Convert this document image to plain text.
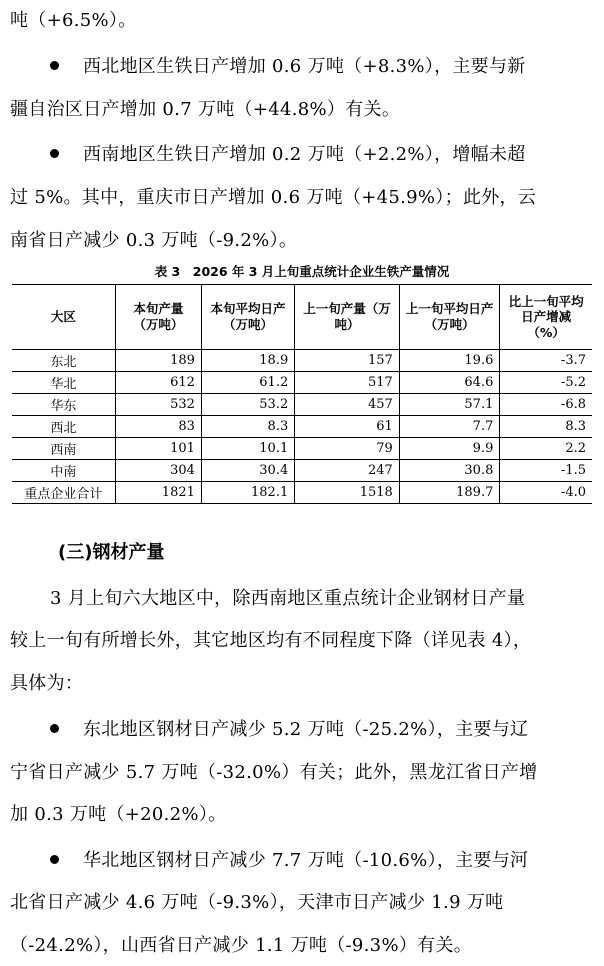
吨（+6.5%）。
西北地区生铁日产增加 0.6 万吨（+8.3%），主要与新
疆自治区日产增加 0.7 万吨（+44.8%）有关。
西南地区生铁日产增加 0.2 万吨（+2.2%），增幅未超
过 5%。其中，重庆市日产增加 0.6 万吨（+45.9%）；此外，云
南省日产减少 0.3 万吨（-9.2%）。
表 3　2026 年 3 月上旬重点统计企业生铁产量情况
大区	本旬产量（万吨）	本旬平均日产（万吨）	上一旬产量（万吨）	上一旬平均日产（万吨）	比上一旬平均日产增减（%）
东北	189	18.9	157	19.6	-3.7
华北	612	61.2	517	64.6	-5.2
华东	532	53.2	457	57.1	-6.8
西北	83	8.3	61	7.7	8.3
西南	101	10.1	79	9.9	2.2
中南	304	30.4	247	30.8	-1.5
重点企业合计	1821	182.1	1518	189.7	-4.0
(三)钢材产量
3 月上旬六大地区中，除西南地区重点统计企业钢材日产量
较上一旬有所增长外，其它地区均有不同程度下降（详见表 4），
具体为：
东北地区钢材日产减少 5.2 万吨（-25.2%），主要与辽
宁省日产减少 5.7 万吨（-32.0%）有关；此外，黑龙江省日产增
加 0.3 万吨（+20.2%）。
华北地区钢材日产减少 7.7 万吨（-10.6%），主要与河
北省日产减少 4.6 万吨（-9.3%），天津市日产减少 1.9 万吨
（-24.2%），山西省日产减少 1.1 万吨（-9.3%）有关。
